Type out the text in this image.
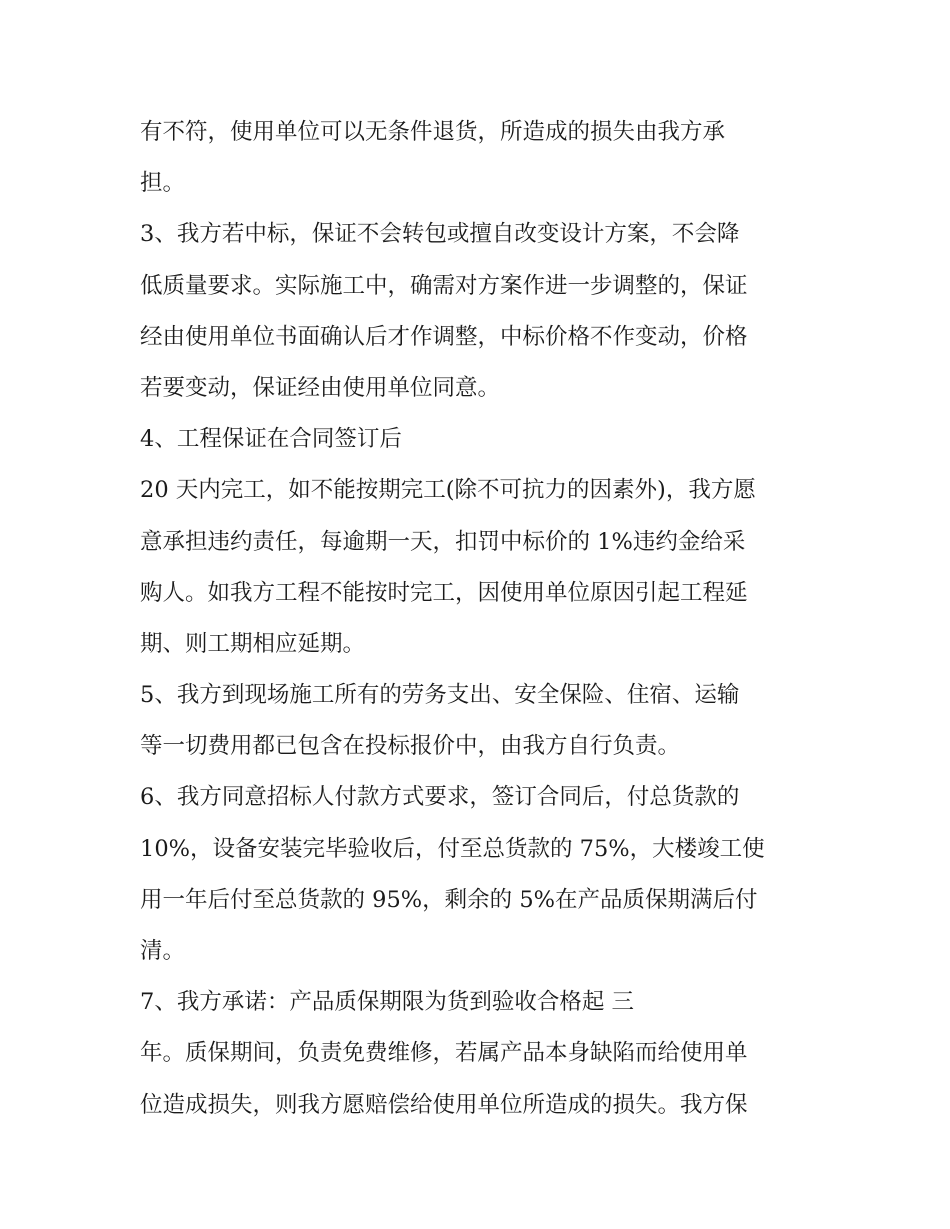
有不符，使用单位可以无条件退货，所造成的损失由我方承
担。
3、我方若中标，保证不会转包或擅自改变设计方案，不会降
低质量要求。实际施工中，确需对方案作进一步调整的，保证
经由使用单位书面确认后才作调整，中标价格不作变动，价格
若要变动，保证经由使用单位同意。
4、工程保证在合同签订后
20 天内完工，如不能按期完工(除不可抗力的因素外)，我方愿
意承担违约责任，每逾期一天，扣罚中标价的 1%违约金给采
购人。如我方工程不能按时完工，因使用单位原因引起工程延
期、则工期相应延期。
5、我方到现场施工所有的劳务支出、安全保险、住宿、运输
等一切费用都已包含在投标报价中，由我方自行负责。
6、我方同意招标人付款方式要求，签订合同后，付总货款的
10%，设备安装完毕验收后，付至总货款的 75%，大楼竣工使
用一年后付至总货款的 95%，剩余的 5%在产品质保期满后付
清。
7、我方承诺：产品质保期限为货到验收合格起 三
年。质保期间，负责免费维修，若属产品本身缺陷而给使用单
位造成损失，则我方愿赔偿给使用单位所造成的损失。我方保
